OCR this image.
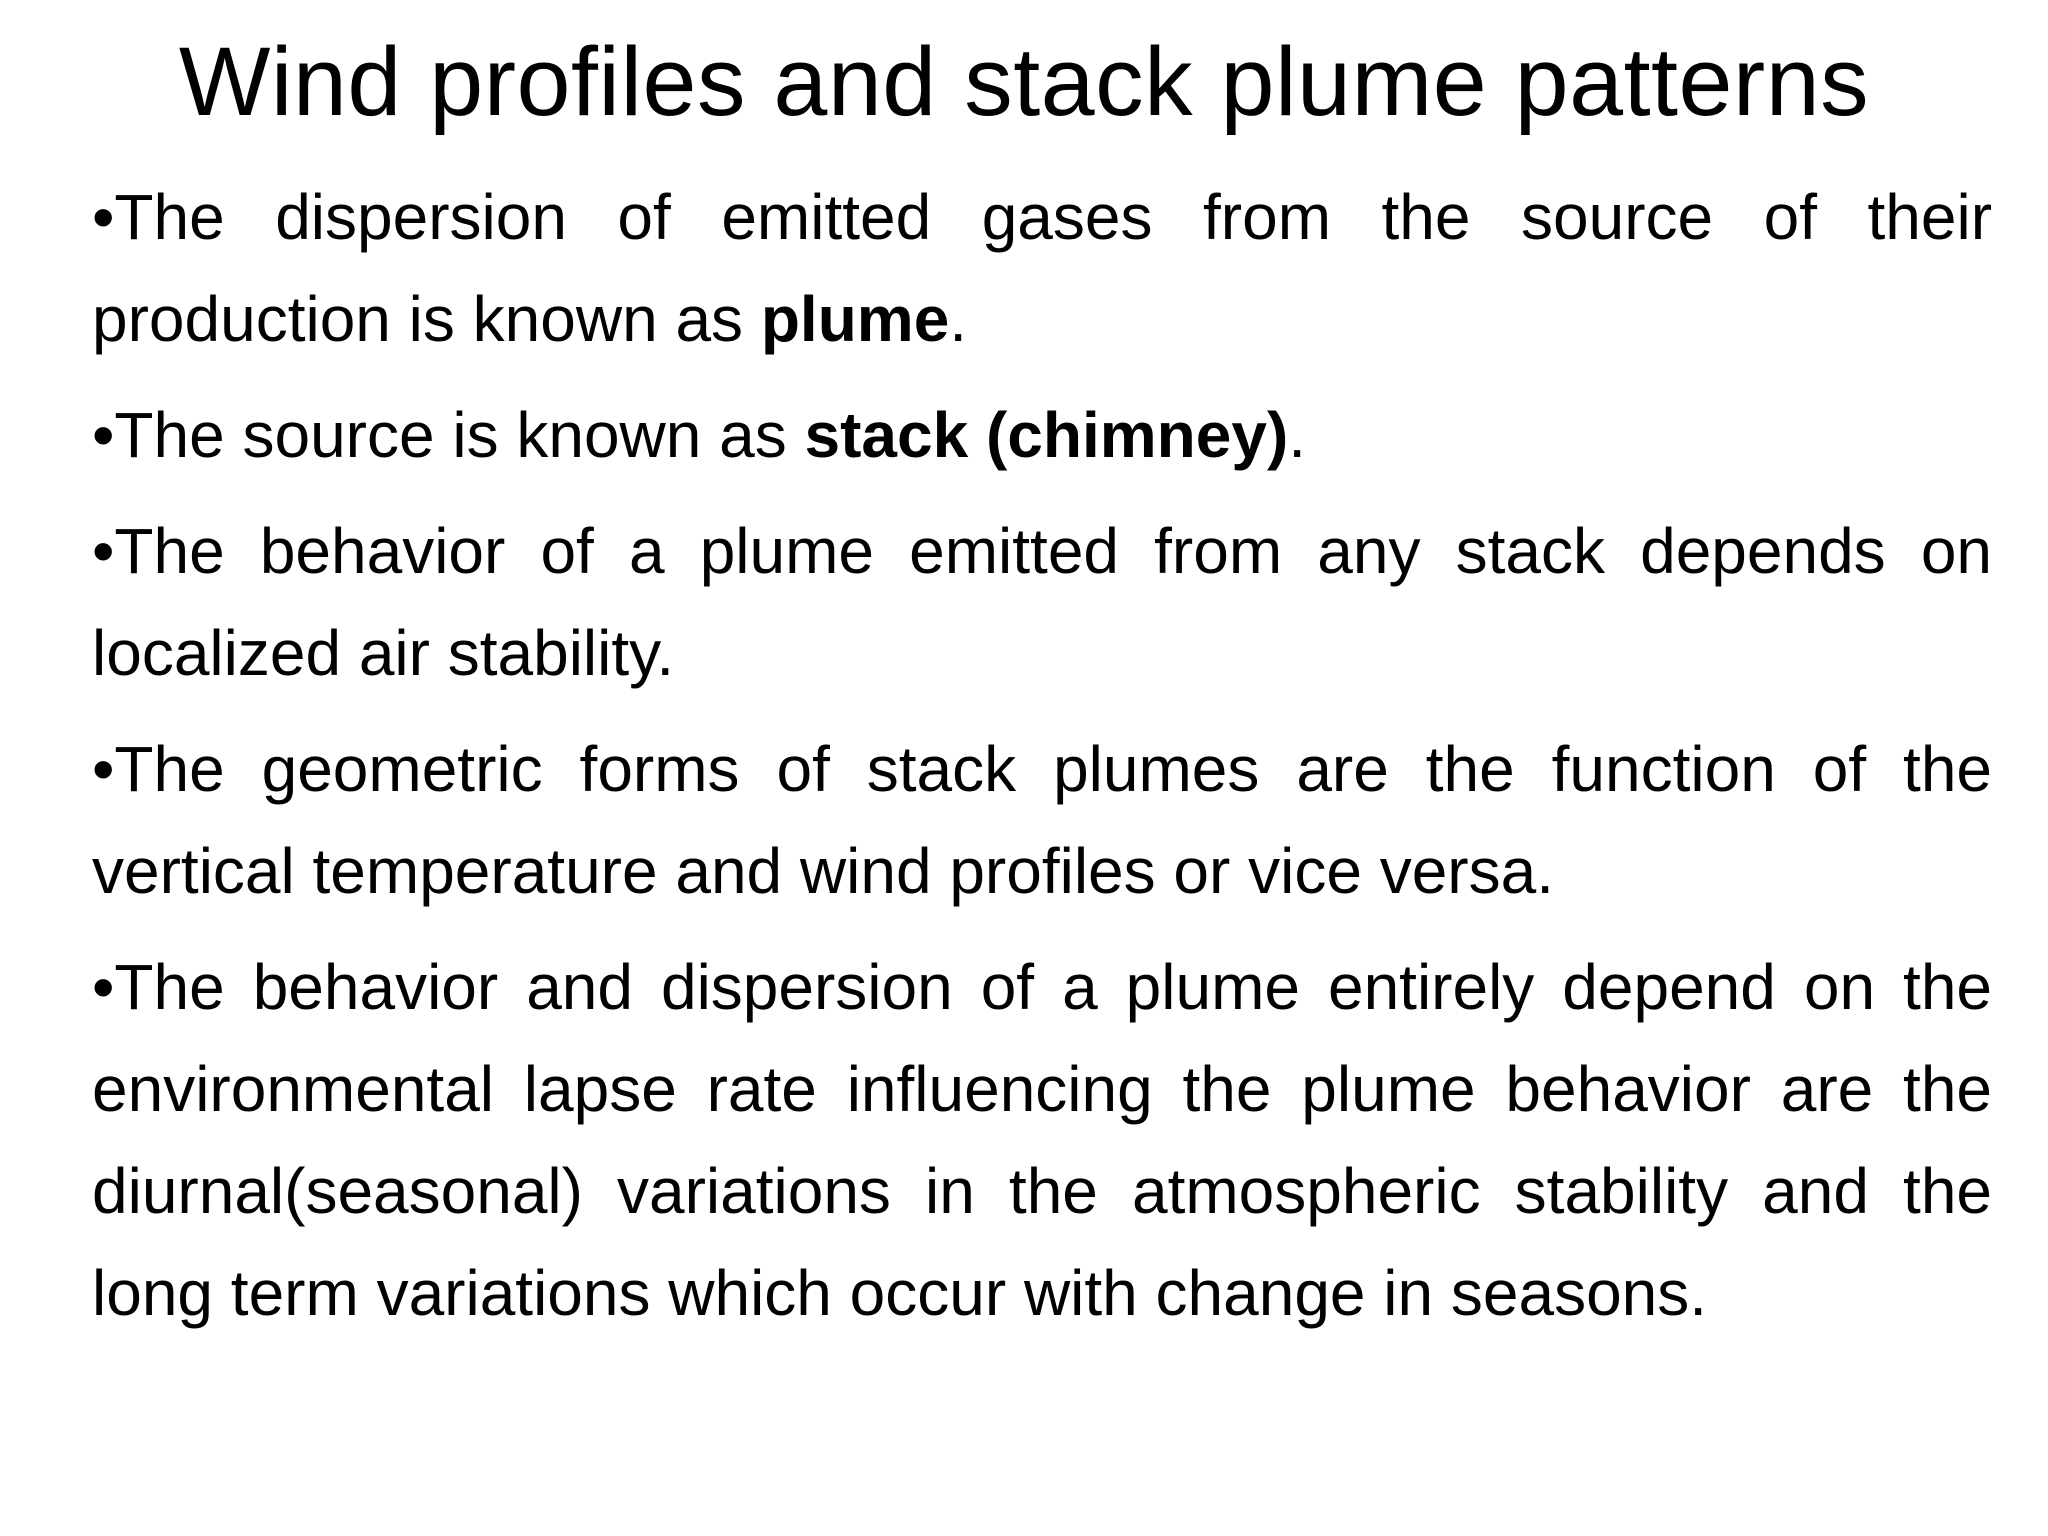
Wind profiles and stack plume patterns
•The dispersion of emitted gases from the source of their production is known as plume.
•The source is known as stack (chimney).
•The behavior of a plume emitted from any stack depends on localized air stability.
•The geometric forms of stack plumes are the function of the vertical temperature and wind profiles or vice versa.
•The behavior and dispersion of a plume entirely depend on the environmental lapse rate influencing the plume behavior are the diurnal(seasonal) variations in the atmospheric stability and the long term variations which occur with change in seasons.
